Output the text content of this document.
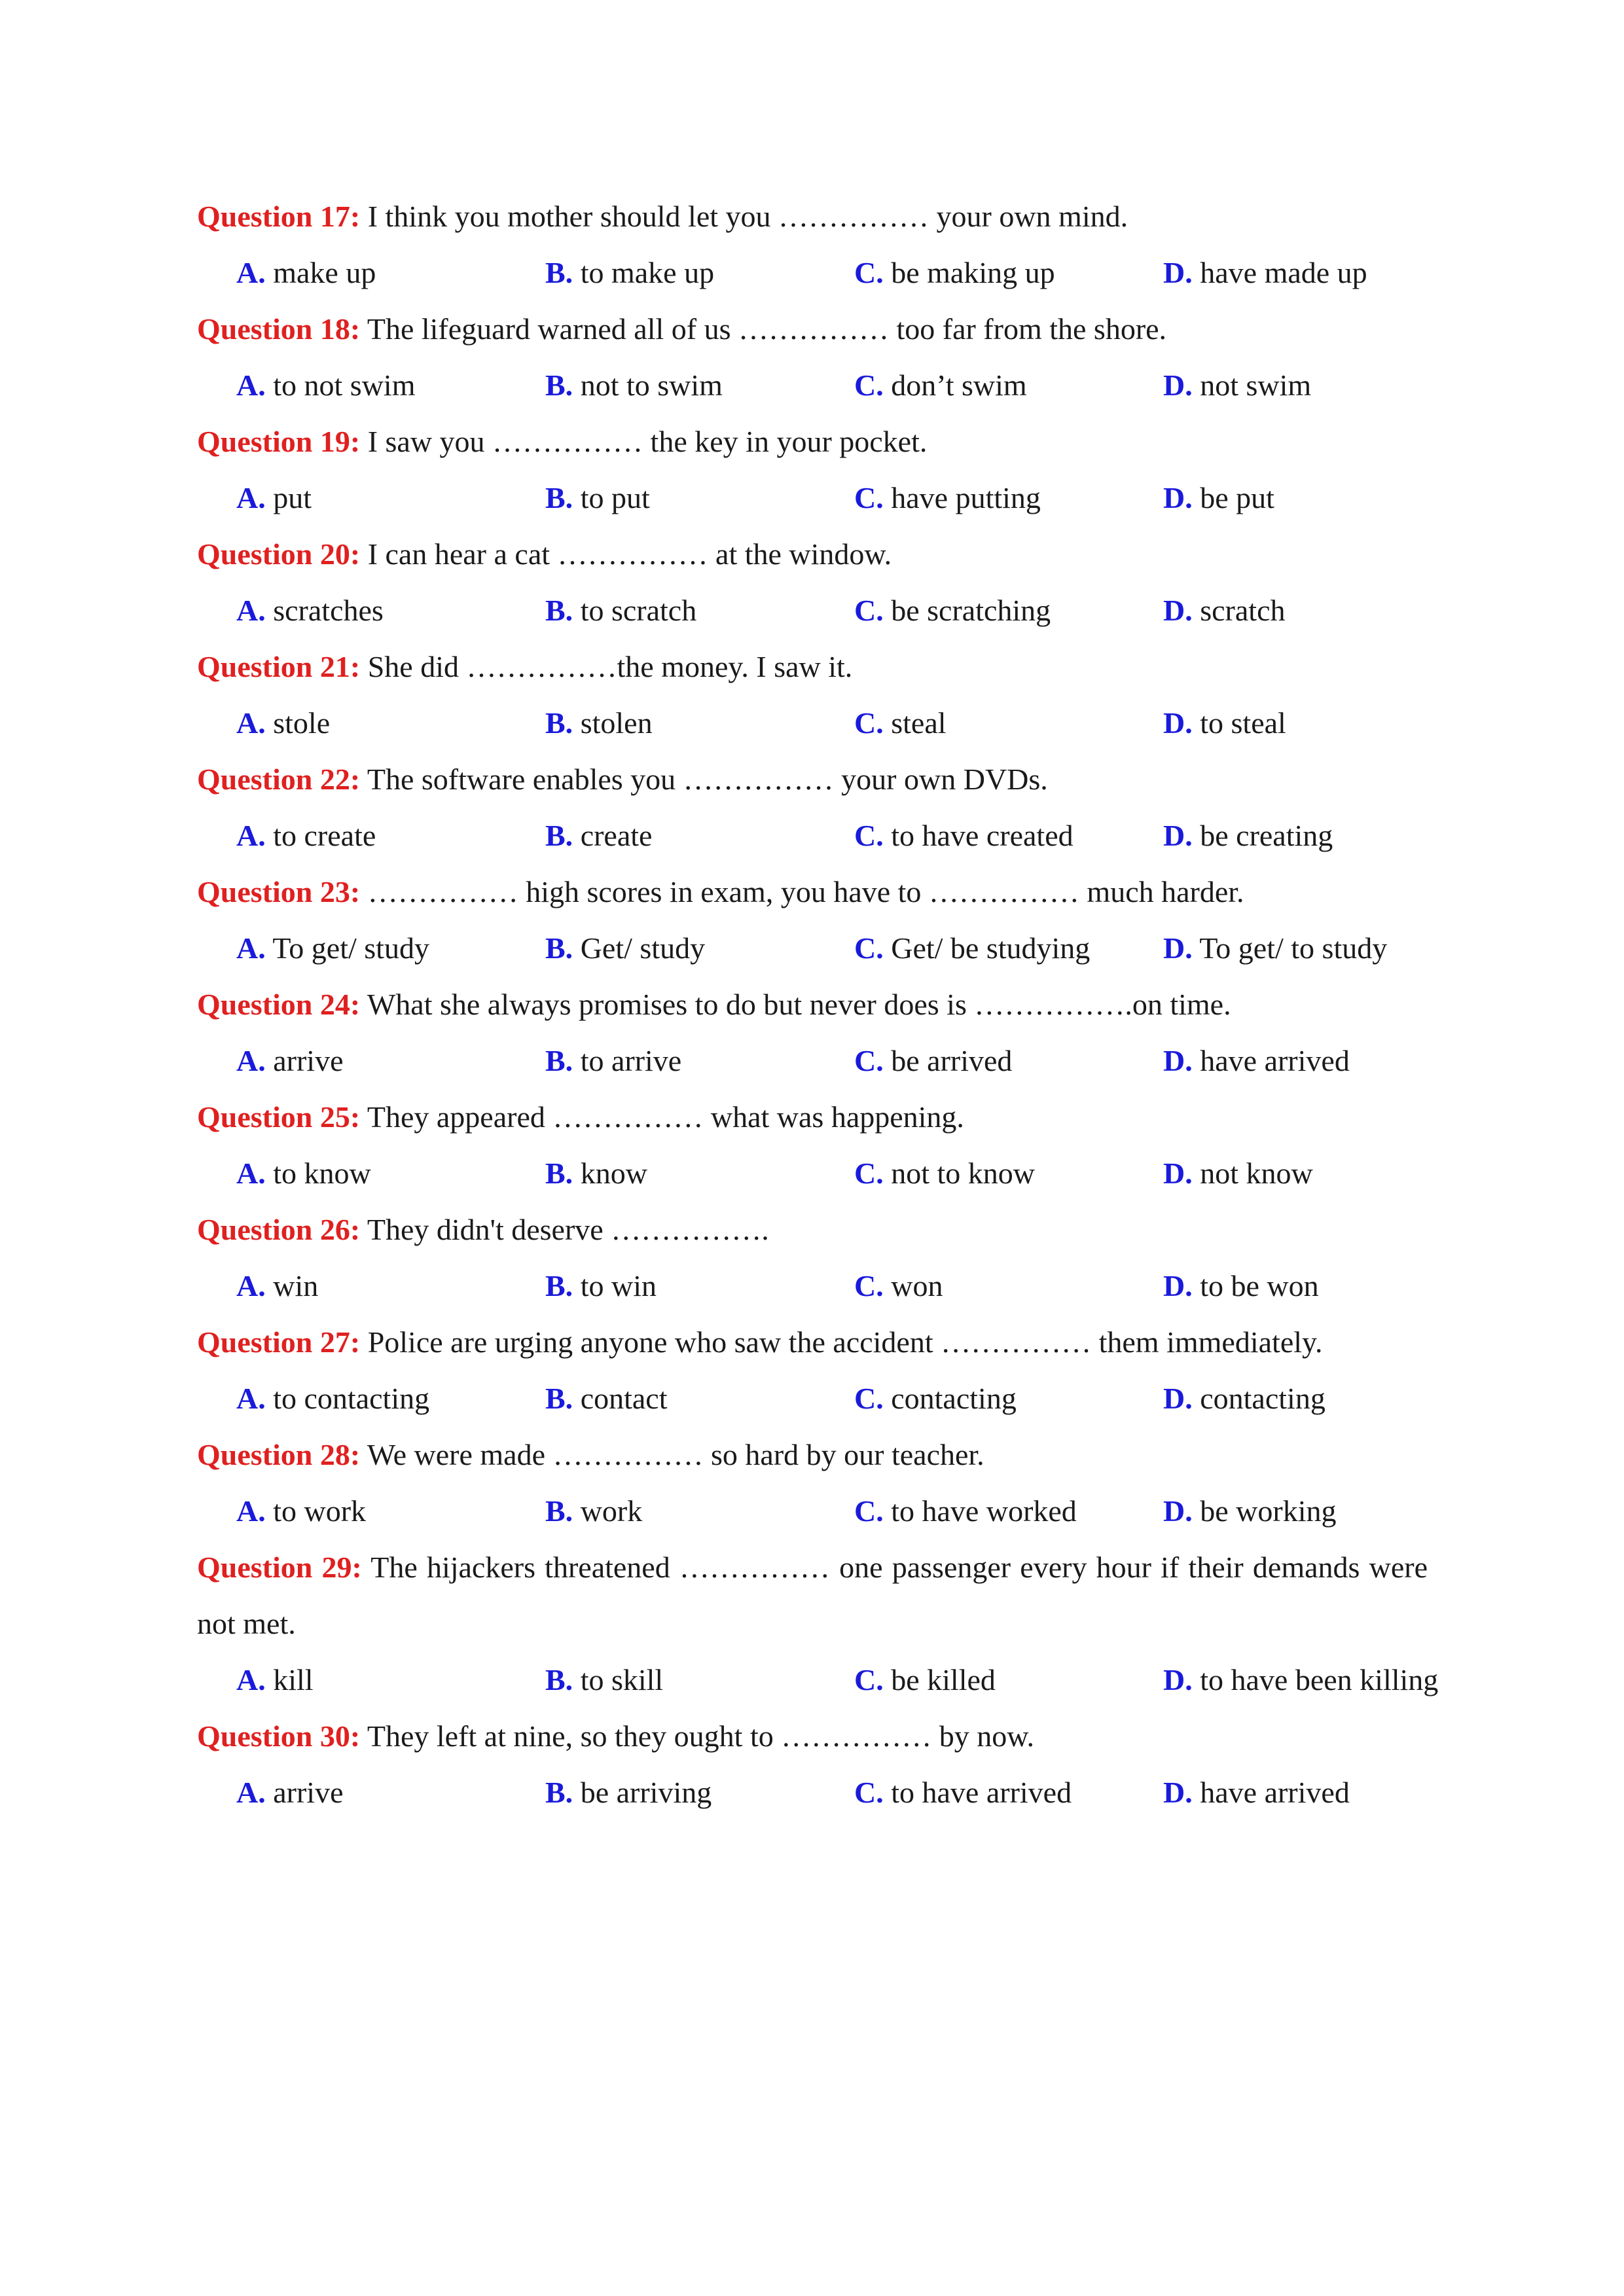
Question 17: I think you mother should let you …………… your own mind.
A. make up	B. to make up	C. be making up	D. have made up
Question 18: The lifeguard warned all of us …………… too far from the shore.
A. to not swim	B. not to swim	C. don’t swim	D. not swim
Question 19: I saw you …………… the key in your pocket.
A. put	B. to put	C. have putting	D. be put
Question 20: I can hear a cat …………… at the window.
A. scratches	B. to scratch	C. be scratching	D. scratch
Question 21: She did ……………the money. I saw it.
A. stole	B. stolen	C. steal	D. to steal
Question 22: The software enables you …………… your own DVDs.
A. to create	B. create	C. to have created	D. be creating
Question 23: …………… high scores in exam, you have to …………… much harder.
A. To get/ study	B. Get/ study	C. Get/ be studying D. To get/ to study
Question 24: What she always promises to do but never does is …………….on time.
A. arrive	B. to arrive	C. be arrived	D. have arrived
Question 25: They appeared …………… what was happening.
A. to know	B. know	C. not to know	D. not know
Question 26: They didn't deserve …………….
A. win	B. to win	C. won	D. to be won
Question 27: Police are urging anyone who saw the accident …………… them immediately.
A. to contacting	B. contact	C. contacting	D. contacting
Question 28: We were made …………… so hard by our teacher.
A. to work	B. work	C. to have worked	D. be working
Question 29: The hijackers threatened …………… one passenger every hour if their demands were not met.
A. kill	B. to skill	C. be killed	D. to have been killing
Question 30: They left at nine, so they ought to …………… by now.
A. arrive	B. be arriving	C. to have arrived	D. have arrived
